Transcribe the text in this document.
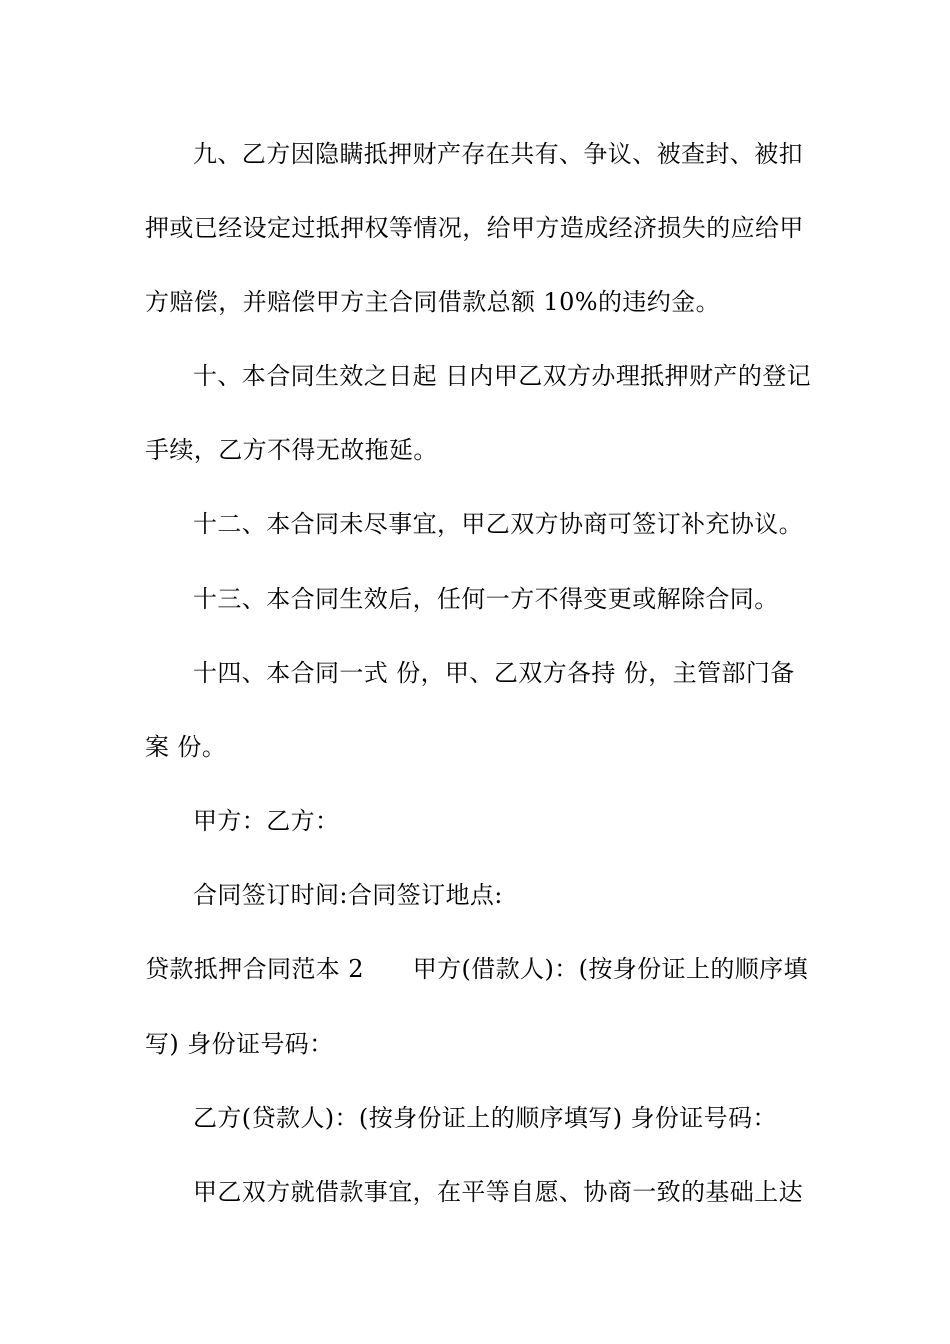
九、乙方因隐瞒抵押财产存在共有、争议、被查封、被扣
押或已经设定过抵押权等情况，给甲方造成经济损失的应给甲
方赔偿，并赔偿甲方主合同借款总额 10%的违约金。
十、本合同生效之日起 日内甲乙双方办理抵押财产的登记
手续，乙方不得无故拖延。
十二、本合同未尽事宜，甲乙双方协商可签订补充协议。
十三、本合同生效后，任何一方不得变更或解除合同。
十四、本合同一式 份，甲、乙双方各持 份，主管部门备
案 份。
甲方：乙方：
合同签订时间:合同签订地点:
贷款抵押合同范本 2　　甲方(借款人)：(按身份证上的顺序填
写) 身份证号码：
乙方(贷款人)：(按身份证上的顺序填写) 身份证号码：
甲乙双方就借款事宜，在平等自愿、协商一致的基础上达
